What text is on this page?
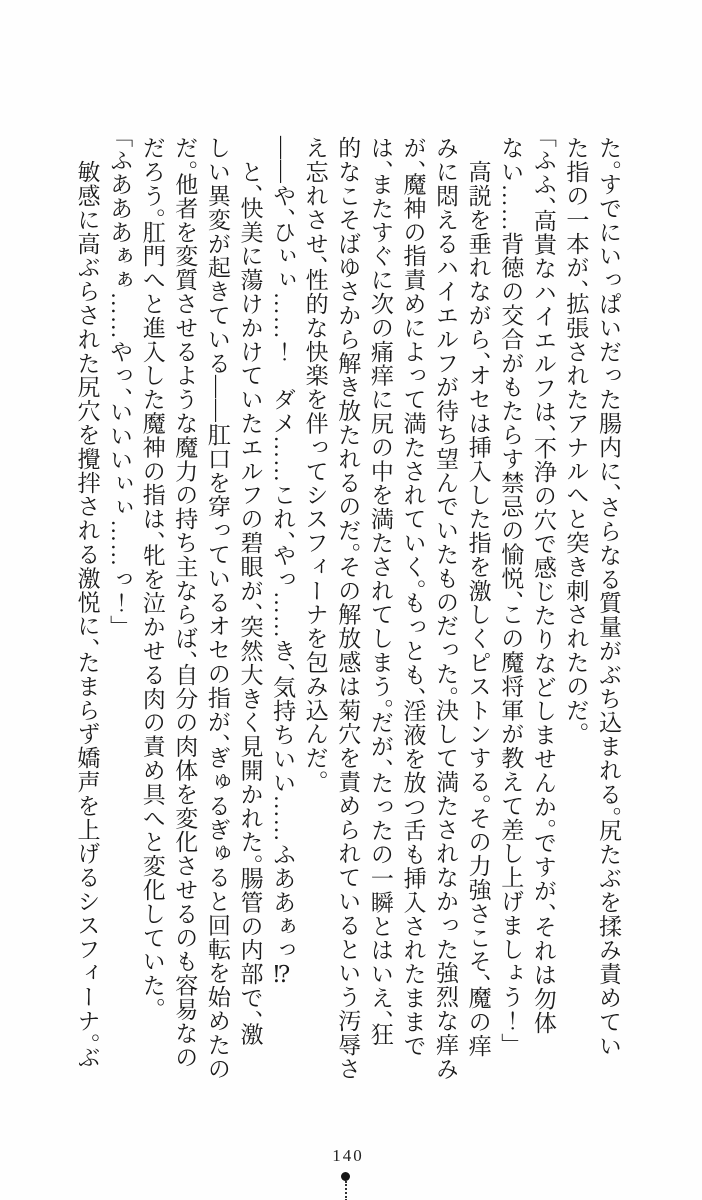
た。すでにいっぱいだった腸内に、さらなる質量がぶち込まれる。尻たぶを揉み責めてい

た指の一本が、拡張されたアナルへと突き刺されたのだ。

「ふふ、高貴なハイエルフは、不浄の穴で感じたりなどしませんか。ですが、それは勿体

ない……背徳の交合がもたらす禁忌の愉悦、この魔将軍が教えて差し上げましょう！」

　高説を垂れながら、オセは挿入した指を激しくピストンする。その力強さこそ、魔の痒

みに悶えるハイエルフが待ち望んでいたものだった。決して満たされなかった強烈な痒み

が、魔神の指責めによって満たされていく。もっとも、淫液を放つ舌も挿入されたままで

は、またすぐに次の痛痒に尻の中を満たされてしまう。だが、たったの一瞬とはいえ、狂

的なこそばゆさから解き放たれるのだ。その解放感は菊穴を責められているという汚辱さ

え忘れさせ、性的な快楽を伴ってシスフィーナを包み込んだ。

――や、ひぃぃ……！　ダメ……これ、やっ……き、気持ちいい……ふああぁっ⁉

　と、快美に蕩けかけていたエルフの碧眼が、突然大きく見開かれた。腸管の内部で、激

しい異変が起きている――肛口を穿っているオセの指が、ぎゅるぎゅると回転を始めたの

だ。他者を変質させるような魔力の持ち主ならば、自分の肉体を変化させるのも容易なの

だろう。肛門へと進入した魔神の指は、牝を泣かせる肉の責め具へと変化していた。

「ふあああぁぁ……やっ、いいいぃぃ……っ！」

　敏感に高ぶらされた尻穴を攪拌される激悦に、たまらず嬌声を上げるシスフィーナ。ぶ

140
